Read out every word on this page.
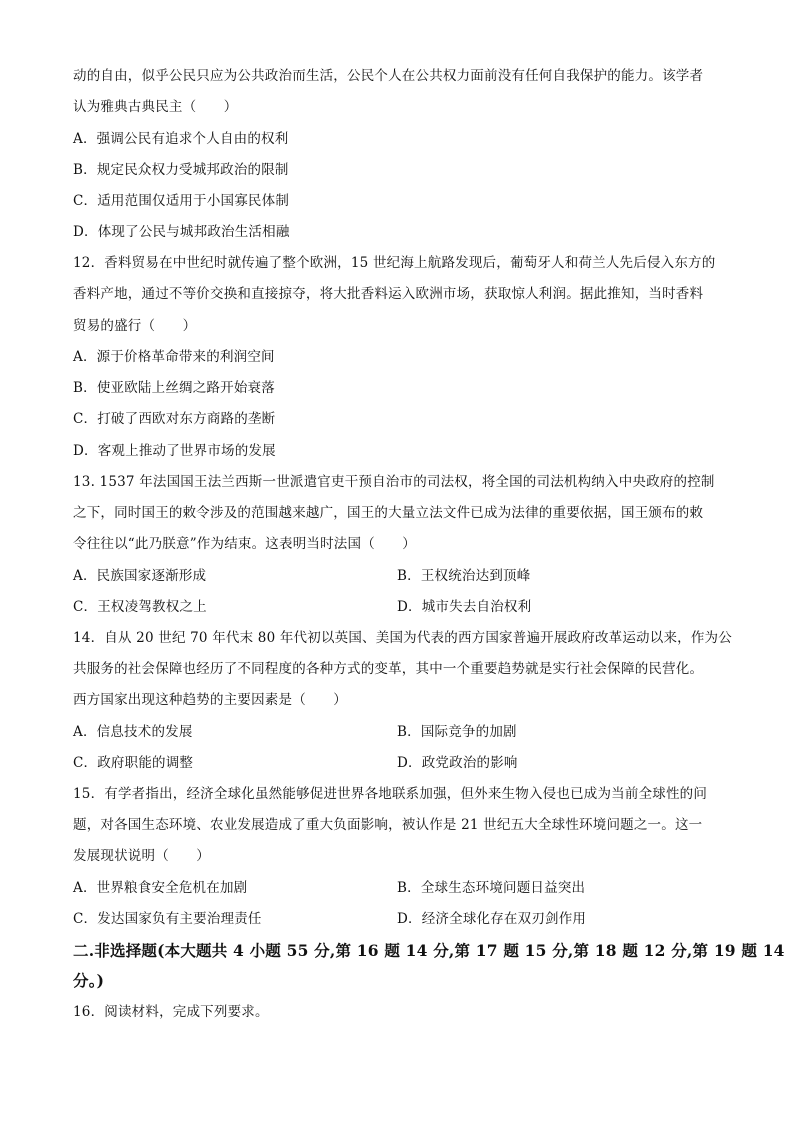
动的自由，似乎公民只应为公共政治而生活，公民个人在公共权力面前没有任何自我保护的能力。该学者
认为雅典古典民主（　　）
A．强调公民有追求个人自由的权利
B．规定民众权力受城邦政治的限制
C．适用范围仅适用于小国寡民体制
D．体现了公民与城邦政治生活相融
12．香料贸易在中世纪时就传遍了整个欧洲，15 世纪海上航路发现后，葡萄牙人和荷兰人先后侵入东方的
香料产地，通过不等价交换和直接掠夺，将大批香料运入欧洲市场，获取惊人利润。据此推知，当时香料
贸易的盛行（　　）
A．源于价格革命带来的利润空间
B．使亚欧陆上丝绸之路开始衰落
C．打破了西欧对东方商路的垄断
D．客观上推动了世界市场的发展
13. 1537 年法国国王法兰西斯一世派遣官吏干预自治市的司法权，将全国的司法机构纳入中央政府的控制
之下，同时国王的敕令涉及的范围越来越广，国王的大量立法文件已成为法律的重要依据，国王颁布的敕
令往往以“此乃朕意”作为结束。这表明当时法国（　　）
A．民族国家逐渐形成	B．王权统治达到顶峰
C．王权凌驾教权之上	D．城市失去自治权利
14．自从 20 世纪 70 年代末 80 年代初以英国、美国为代表的西方国家普遍开展政府改革运动以来，作为公
共服务的社会保障也经历了不同程度的各种方式的变革，其中一个重要趋势就是实行社会保障的民营化。
西方国家出现这种趋势的主要因素是（　　）
A．信息技术的发展	B．国际竞争的加剧
C．政府职能的调整	D．政党政治的影响
15．有学者指出，经济全球化虽然能够促进世界各地联系加强，但外来生物入侵也已成为当前全球性的问
题，对各国生态环境、农业发展造成了重大负面影响，被认作是 21 世纪五大全球性环境问题之一。这一
发展现状说明（　　）
A．世界粮食安全危机在加剧	B．全球生态环境问题日益突出
C．发达国家负有主要治理责任	D．经济全球化存在双刃剑作用
二.非选择题(本大题共 4 小题 55 分,第 16 题 14 分,第 17 题 15 分,第 18 题 12 分,第 19 题 14
分。)
16．阅读材料，完成下列要求。
